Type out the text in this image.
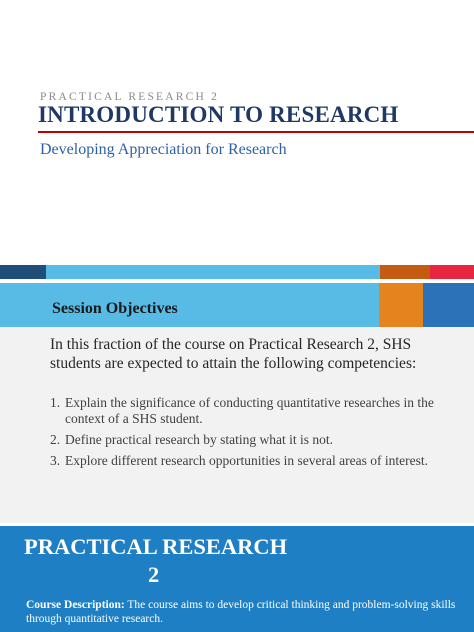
PRACTICAL RESEARCH 2
INTRODUCTION TO RESEARCH
Developing Appreciation for Research
Session Objectives

In this fraction of the course on Practical Research 2, SHS students are expected to attain the following competencies:

1. Explain the significance of conducting quantitative researches in the context of a SHS student.
2. Define practical research by stating what it is not.
3. Explore different research opportunities in several areas of interest.
PRACTICAL RESEARCH
2

Course Description: The course aims to develop critical thinking and problem-solving skills through quantitative research.
